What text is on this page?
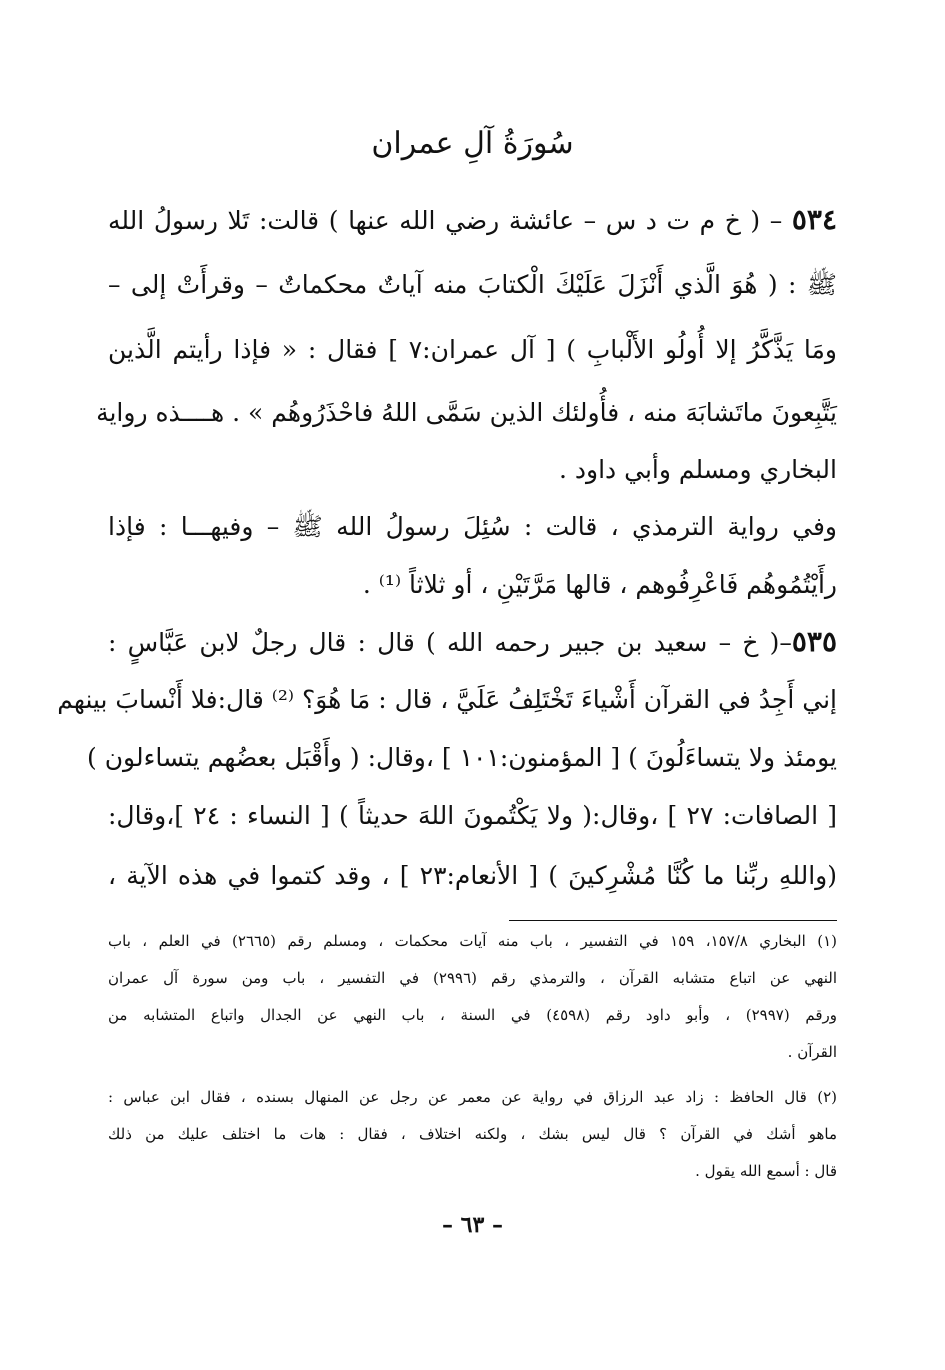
سُورَةُ آلِ عمران
٥٣٤ – ( خ م ت د س – عائشة رضي الله عنها ) قالت: تَلا رسولُ الله
ﷺ : ( هُوَ الَّذي أَنْزَلَ عَلَيْكَ الْكتابَ منه آياتٌ محكماتٌ – وقرأَتْ إلى –
ومَا يَذَّكَّرُ إلا أُولُو الأَلْبابِ ) [ آل عمران:٧ ] فقال : « فإذا رأيتم الَّذين
يَتَّبِعونَ ماتَشابَهَ منه ، فأُولئك الذين سَمَّى اللهُ فاحْذَرُوهُم » . هــــذه رواية
البخاري ومسلم وأبي داود .
وفي رواية الترمذي ، قالت : سُئِلَ رسولُ الله ﷺ – وفيهـــا : فإذا
رأَيْتُمُوهُم فَاعْرِفُوهم ، قالها مَرَّتَيْنِ ، أو ثلاثاً ⁽¹⁾ .
٥٣٥–( خ – سعيد بن جبير رحمه الله ) قال : قال رجلٌ لابن عَبَّاسٍ :
إني أَجِدُ في القرآن أَشْياءَ تَخْتَلِفُ عَلَيَّ ، قال : مَا هُوَ؟ ⁽²⁾ قال:فلا أَنْسابَ بينهم
يومئذ ولا يتساءَلُونَ ) [ المؤمنون:١٠١ ] ،وقال: ( وأَقْبَل بعضُهم يتساءلون )
[ الصافات: ٢٧ ] ،وقال:( ولا يَكْتُمونَ اللهَ حديثاً ) [ النساء : ٢٤ ]،وقال:
(واللهِ ربِّنا ما كُنَّا مُشْرِكينَ ) [ الأنعام:٢٣ ] ، وقد كتموا في هذه الآية ،
(١) البخاري ١٥٧/٨، ١٥٩ في التفسير ، باب منه آيات محكمات ، ومسلم رقم (٢٦٦٥) في العلم ، باب
النهي عن اتباع متشابه القرآن ، والترمذي رقم (٢٩٩٦) في التفسير ، باب ومن سورة آل عمران
ورقم (٢٩٩٧) ، وأبو داود رقم (٤٥٩٨) في السنة ، باب النهي عن الجدال واتباع المتشابه من
القرآن .
(٢) قال الحافظ : زاد عبد الرزاق في رواية عن معمر عن رجل عن المنهال بسنده ، فقال ابن عباس :
ماهو أشك في القرآن ؟ قال ليس بشك ، ولكنه اختلاف ، فقال : هات ما اختلف عليك من ذلك
قال : أسمع الله يقول .
– ٦٣ –
